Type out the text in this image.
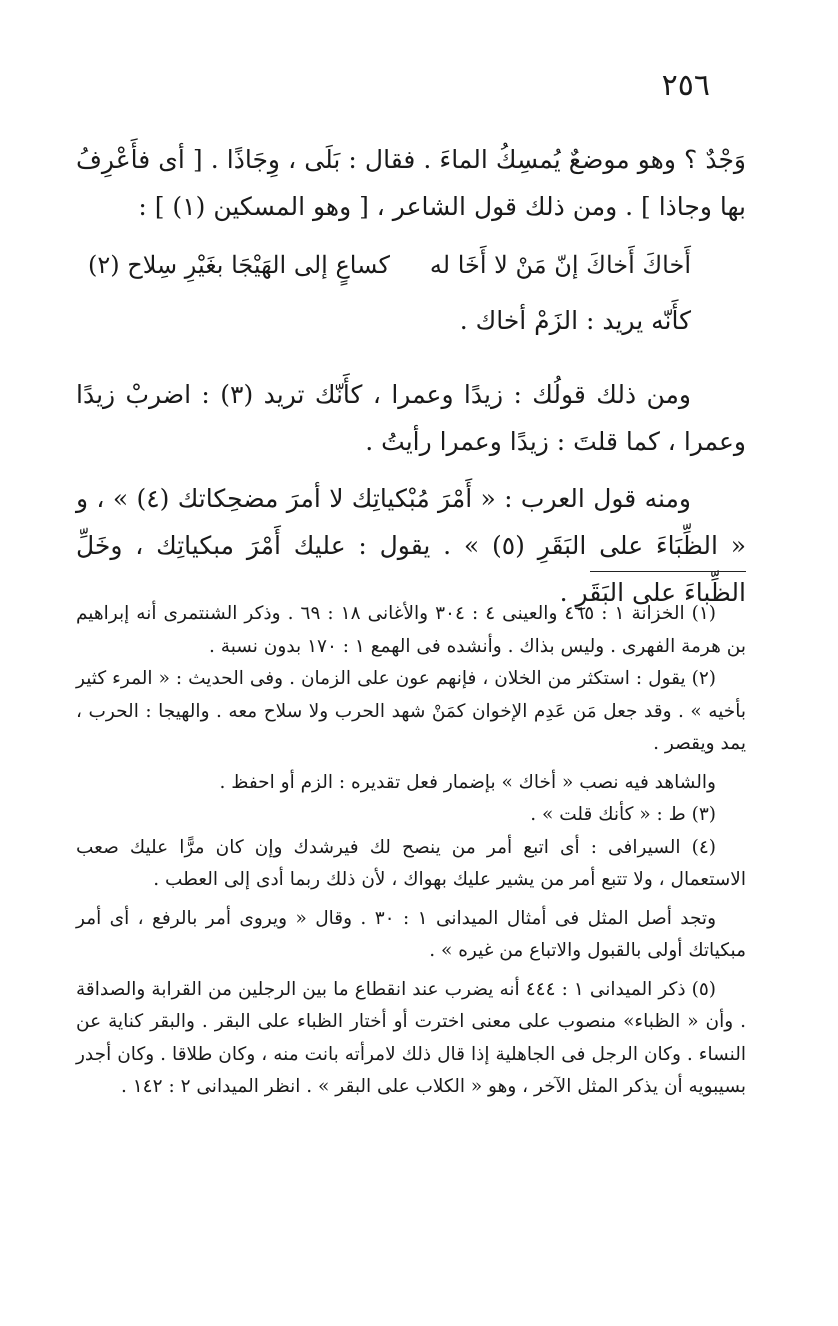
٢٥٦

وَجْدٌ ؟ وهو موضعٌ يُمسِكُ الماءَ . فقال : بَلَى ، وِجَاذًا . [ أى فأَعْرِفُ بها وجاذا ] . ومن ذلك قول الشاعر ، [ وهو المسكين (١) ] :

أَخاكَ أَخاكَ إنّ مَنْ لا أَخَا له
كساعٍ إلى الهَيْجَا بغَيْرِ سِلاح (٢)

كأَنّه يريد : الزَمْ أخاك .

ومن ذلك قولُك : زيدًا وعمرا ، كأَنّك تريد (٣) : اضربْ زيدًا وعمرا ، كما قلتَ : زيدًا وعمرا رأيتُ .

ومنه قول العرب : « أَمْرَ مُبْكياتِك لا أمرَ مضحِكاتك (٤) » ، و « الظِّبَاءَ على البَقَرِ (٥) » . يقول : عليك أَمْرَ مبكياتِك ، وخَلِّ الظِّباءَ على البَقَرِ .

(١) الخزانة ١ : ٤٦٥ والعينى ٤ : ٣٠٤ والأغانى ١٨ : ٦٩ . وذكر الشنتمرى أنه إبراهيم بن هرمة الفهرى . وليس بذاك . وأنشده فى الهمع ١ : ١٧٠ بدون نسبة .

(٢) يقول : استكثر من الخلان ، فإنهم عون على الزمان . وفى الحديث : « المرء كثير بأخيه » . وقد جعل مَن عَدِم الإخوان كمَنْ شهد الحرب ولا سلاح معه . والهيجا : الحرب ، يمد ويقصر .

والشاهد فيه نصب « أخاك » بإضمار فعل تقديره : الزم أو احفظ .

(٣) ط : « كأنك قلت » .

(٤) السيرافى : أى اتبع أمر من ينصح لك فيرشدك وإن كان مرًّا عليك صعب الاستعمال ، ولا تتبع أمر من يشير عليك بهواك ، لأن ذلك ربما أدى إلى العطب .

وتجد أصل المثل فى أمثال الميدانى ١ : ٣٠ . وقال « ويروى أمر بالرفع ، أى أمر مبكياتك أولى بالقبول والاتباع من غيره » .

(٥) ذكر الميدانى ١ : ٤٤٤ أنه يضرب عند انقطاع ما بين الرجلين من القرابة والصداقة . وأن « الظباء» منصوب على معنى اخترت أو أختار الظباء على البقر . والبقر كناية عن النساء . وكان الرجل فى الجاهلية إذا قال ذلك لامرأته بانت منه ، وكان طلاقا . وكان أجدر بسيبويه أن يذكر المثل الآخر ، وهو « الكلاب على البقر » . انظر الميدانى ٢ : ١٤٢ .
